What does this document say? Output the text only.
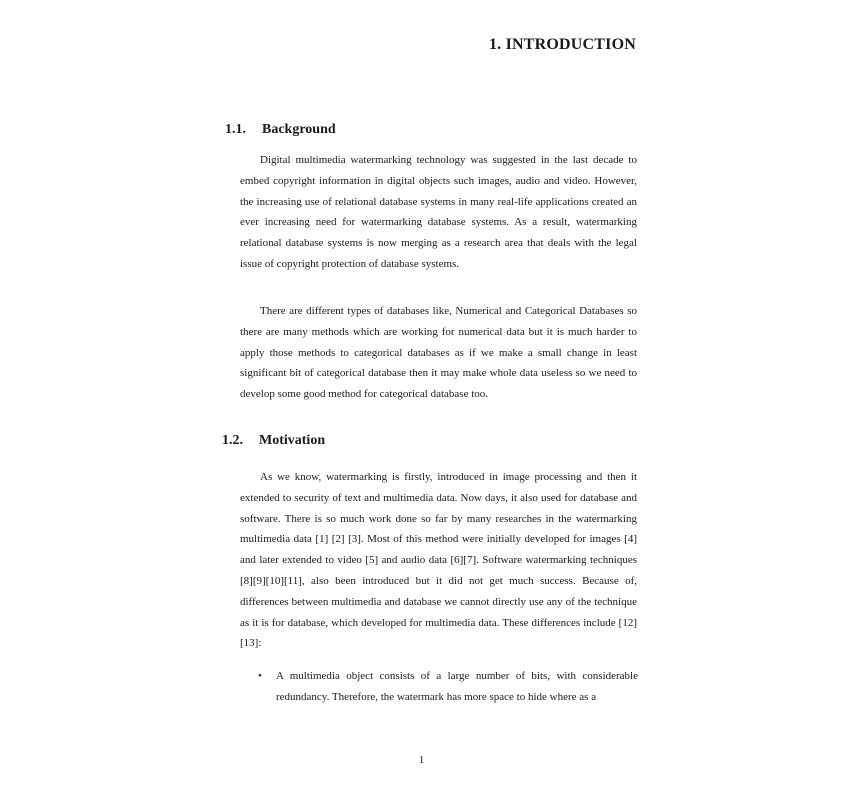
1. INTRODUCTION
1.1. Background

Digital multimedia watermarking technology was suggested in the last decade to embed copyright information in digital objects such images, audio and video. However, the increasing use of relational database systems in many real-life applications created an ever increasing need for watermarking database systems. As a result, watermarking relational database systems is now merging as a research area that deals with the legal issue of copyright protection of database systems.

There are different types of databases like, Numerical and Categorical Databases so there are many methods which are working for numerical data but it is much harder to apply those methods to categorical databases as if we make a small change in least significant bit of categorical database then it may make whole data useless so we need to develop some good method for categorical database too.

1.2. Motivation

As we know, watermarking is firstly, introduced in image processing and then it extended to security of text and multimedia data. Now days, it also used for database and software. There is so much work done so far by many researches in the watermarking multimedia data [1] [2] [3]. Most of this method were initially developed for images [4] and later extended to video [5] and audio data [6][7]. Software watermarking techniques [8][9][10][11], also been introduced but it did not get much success. Because of, differences between multimedia and database we cannot directly use any of the technique as it is for database, which developed for multimedia data. These differences include [12][13]:

• A multimedia object consists of a large number of bits, with considerable redundancy. Therefore, the watermark has more space to hide where as a
1
